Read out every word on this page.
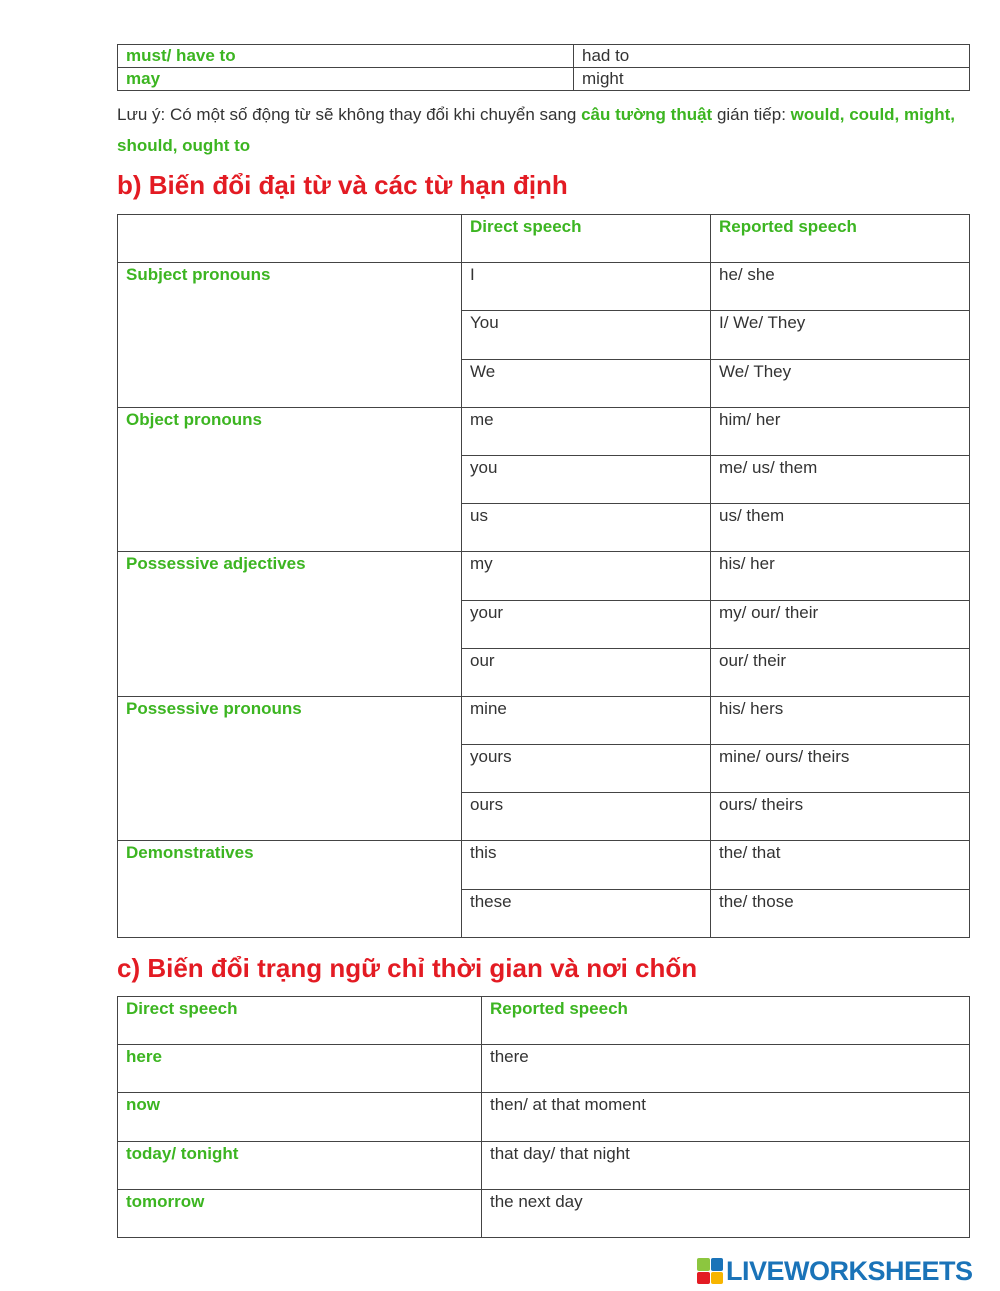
must/ have to	had to
may	might

Lưu ý: Có một số động từ sẽ không thay đổi khi chuyển sang câu tường thuật gián tiếp: would, could, might, should, ought to

b) Biến đổi đại từ và các từ hạn định
	Direct speech	Reported speech
Subject pronouns	I	he/ she
	You	I/ We/ They
	We	We/ They
Object pronouns	me	him/ her
	you	me/ us/ them
	us	us/ them
Possessive adjectives	my	his/ her
	your	my/ our/ their
	our	our/ their
Possessive pronouns	mine	his/ hers
	yours	mine/ ours/ theirs
	ours	ours/ theirs
Demonstratives	this	the/ that
	these	the/ those
c) Biến đổi trạng ngữ chỉ thời gian và nơi chốn
Direct speech	Reported speech
here	there
now	then/ at that moment
today/ tonight	that day/ that night
tomorrow	the next day
LIVEWORKSHEETS
